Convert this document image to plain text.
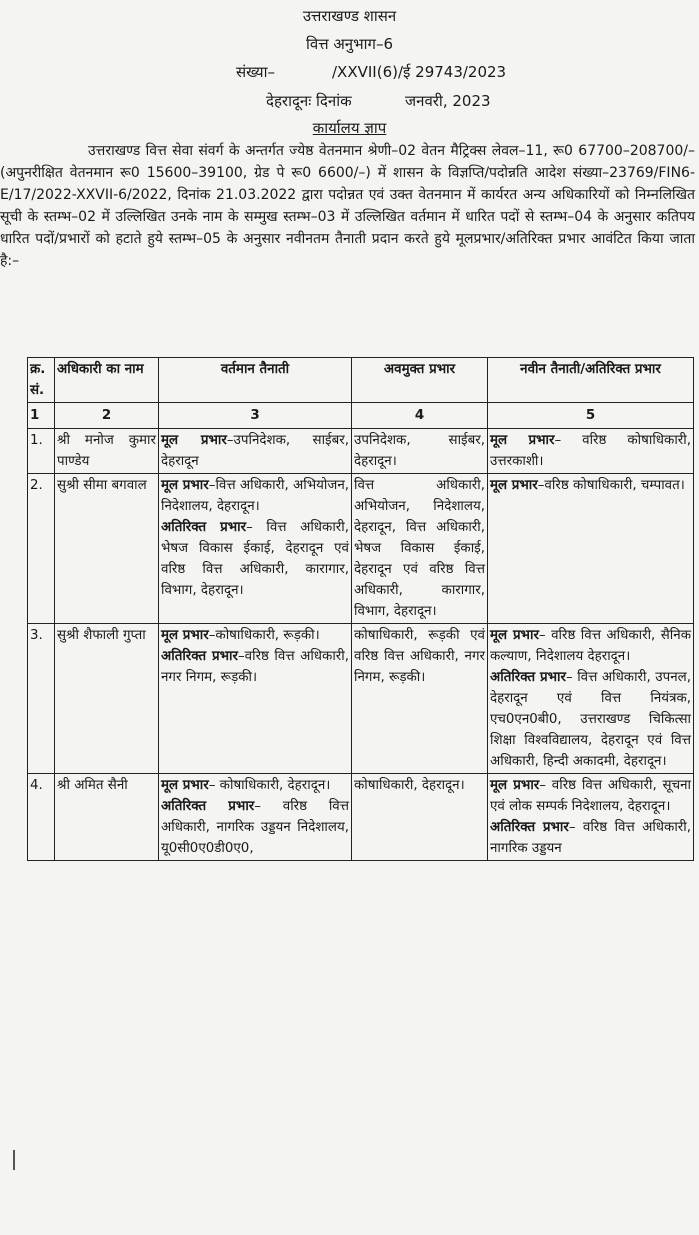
उत्तराखण्ड शासन
वित्त अनुभाग–6
संख्या–	/XXVII(6)/ई 29743/2023
देहरादूनः दिनांक	जनवरी, 2023
कार्यालय ज्ञाप
उत्तराखण्ड वित्त सेवा संवर्ग के अन्तर्गत ज्येष्ठ वेतनमान श्रेणी–02 वेतन मैट्रिक्स लेवल–11, रू0 67700–208700/– (अपुनरीक्षित वेतनमान रू0 15600–39100, ग्रेड पे रू0 6600/–) में शासन के विज्ञप्ति/पदोन्नति आदेश संख्या–23769/FIN6-E/17/2022-XXVII-6/2022, दिनांक 21.03.2022 द्वारा पदोन्नत एवं उक्त वेतनमान में कार्यरत अन्य अधिकारियों को निम्नलिखित सूची के स्तम्भ–02 में उल्लिखित उनके नाम के सम्मुख स्तम्भ–03 में उल्लिखित वर्तमान में धारित पदों से स्तम्भ–04 के अनुसार कतिपय धारित पदों/प्रभारों को हटाते हुये स्तम्भ–05 के अनुसार नवीनतम तैनाती प्रदान करते हुये मूलप्रभार/अतिरिक्त प्रभार आवंटित किया जाता है:–
क्र. सं.	अधिकारी का नाम	वर्तमान तैनाती	अवमुक्त प्रभार	नवीन तैनाती/अतिरिक्त प्रभार
1	2	3	4	5
1.	श्री मनोज कुमार पाण्डेय	मूल प्रभार–उपनिदेशक, साईबर, देहरादून	उपनिदेशक, साईबर, देहरादून।	मूल प्रभार– वरिष्ठ कोषाधिकारी, उत्तरकाशी।
2.	सुश्री सीमा बगवाल	मूल प्रभार–वित्त अधिकारी, अभियोजन, निदेशालय, देहरादून।
अतिरिक्त प्रभार– वित्त अधिकारी, भेषज विकास ईकाई, देहरादून एवं वरिष्ठ वित्त अधिकारी, कारागार, विभाग, देहरादून।	वित्त अधिकारी, अभियोजन, निदेशालय, देहरादून, वित्त अधिकारी, भेषज विकास ईकाई, देहरादून एवं वरिष्ठ वित्त अधिकारी, कारागार, विभाग, देहरादून।	मूल प्रभार–वरिष्ठ कोषाधिकारी, चम्पावत।
3.	सुश्री शैफाली गुप्ता	मूल प्रभार–कोषाधिकारी, रूड़की।
अतिरिक्त प्रभार–वरिष्ठ वित्त अधिकारी, नगर निगम, रूड़की।	कोषाधिकारी, रूड़की एवं वरिष्ठ वित्त अधिकारी, नगर निगम, रूड़की।	मूल प्रभार– वरिष्ठ वित्त अधिकारी, सैनिक कल्याण, निदेशालय देहरादून।
अतिरिक्त प्रभार– वित्त अधिकारी, उपनल, देहरादून एवं वित्त नियंत्रक, एच0एन0बी0, उत्तराखण्ड चिकित्सा शिक्षा विश्वविद्यालय, देहरादून एवं वित्त अधिकारी, हिन्दी अकादमी, देहरादून।
4.	श्री अमित सैनी	मूल प्रभार– कोषाधिकारी, देहरादून।
अतिरिक्त प्रभार– वरिष्ठ वित्त अधिकारी, नागरिक उड्डयन निदेशालय, यू0सी0ए0डी0ए0,	कोषाधिकारी, देहरादून।	मूल प्रभार– वरिष्ठ वित्त अधिकारी, सूचना एवं लोक सम्पर्क निदेशालय, देहरादून।
अतिरिक्त प्रभार– वरिष्ठ वित्त अधिकारी, नागरिक उड्डयन
